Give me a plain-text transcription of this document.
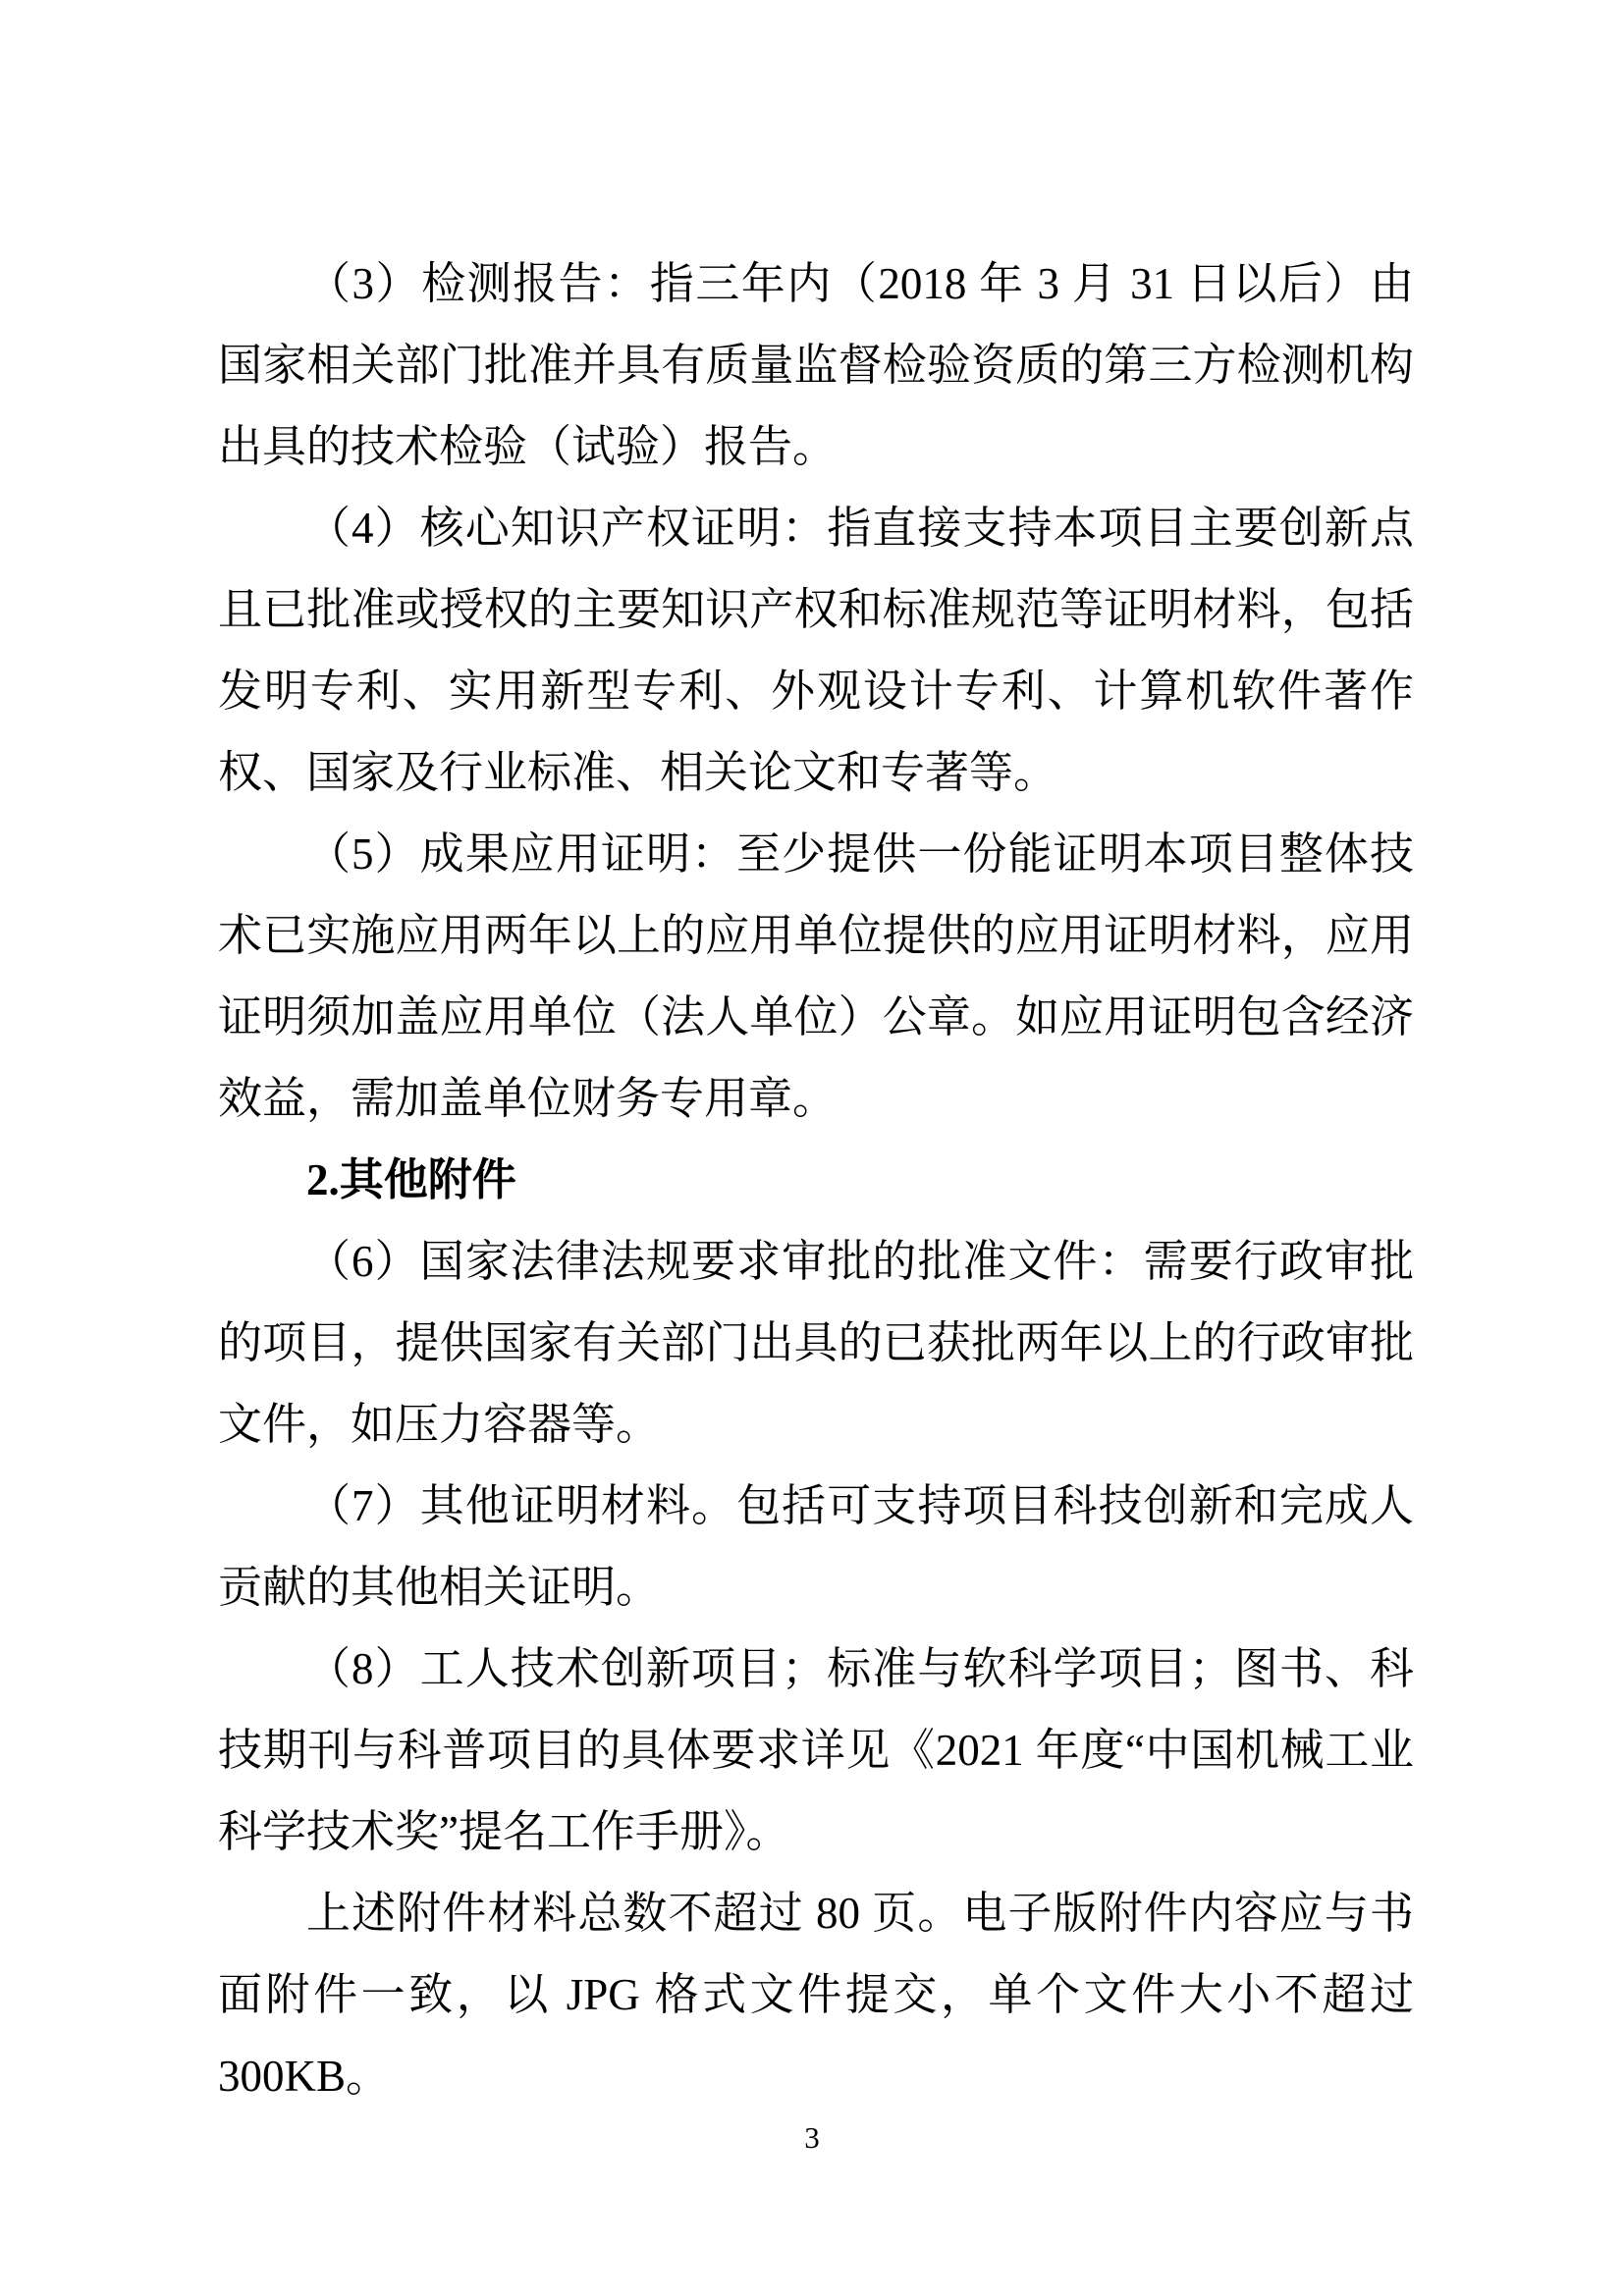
（3）检测报告：指三年内（2018 年 3 月 31 日以后）由国家相关部门批准并具有质量监督检验资质的第三方检测机构出具的技术检验（试验）报告。

（4）核心知识产权证明：指直接支持本项目主要创新点且已批准或授权的主要知识产权和标准规范等证明材料，包括发明专利、实用新型专利、外观设计专利、计算机软件著作权、国家及行业标准、相关论文和专著等。

（5）成果应用证明：至少提供一份能证明本项目整体技术已实施应用两年以上的应用单位提供的应用证明材料，应用证明须加盖应用单位（法人单位）公章。如应用证明包含经济效益，需加盖单位财务专用章。

2.其他附件

（6）国家法律法规要求审批的批准文件：需要行政审批的项目，提供国家有关部门出具的已获批两年以上的行政审批文件，如压力容器等。

（7）其他证明材料。包括可支持项目科技创新和完成人贡献的其他相关证明。

（8）工人技术创新项目；标准与软科学项目；图书、科技期刊与科普项目的具体要求详见《2021 年度“中国机械工业科学技术奖”提名工作手册》。

上述附件材料总数不超过 80 页。电子版附件内容应与书面附件一致，以 JPG 格式文件提交，单个文件大小不超过 300KB。

3
